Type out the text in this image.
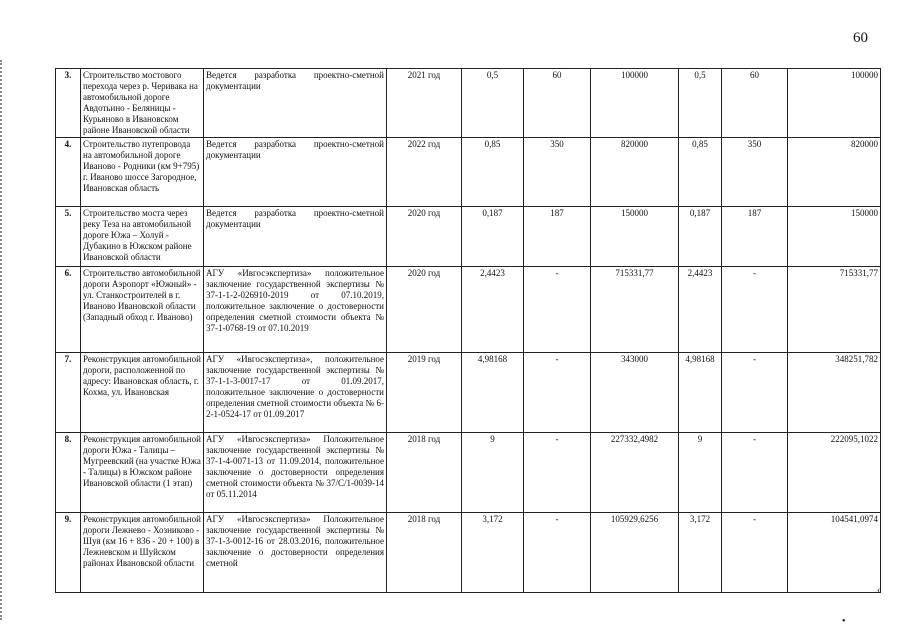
60
3.	Строительство мостового перехода через р. Черивака на автомобильной дороге Авдотьино - Беляницы - Курьяново в Ивановском районе Ивановской области	Ведется разработка проектно-сметной документации	2021 год	0,5	60	100000	0,5	60	100000
4.	Строительство путепровода на автомобильной дороге Иваново - Родники (км 9+795) г. Иваново шоссе Загородное, Ивановская область	Ведется разработка проектно-сметной документации	2022 год	0,85	350	820000	0,85	350	820000
5.	Строительство моста через реку Теза на автомобильной дороге Южа – Холуй - Дубакино в Южском районе Ивановской области	Ведется разработка проектно-сметной документации	2020 год	0,187	187	150000	0,187	187	150000
6.	Строительство автомобильной дороги Аэропорт «Южный» - ул. Станкостроителей в г. Иваново Ивановской области (Западный обход г. Иваново)	АГУ «Ивгосэкспертиза» положительное заключение государственной экспертизы № 37-1-1-2-026910-2019 от 07.10.2019, положительное заключение о достоверности определения сметной стоимости объекта № 37-1-0768-19 от 07.10.2019	2020 год	2,4423	-	715331,77	2,4423	-	715331,77
7.	Реконструкция автомобильной дороги, расположенной по адресу: Ивановская область, г. Кохма, ул. Ивановская	АГУ «Ивгосэкспертиза», положительное заключение государственной экспертизы № 37-1-1-3-0017-17 от 01.09.2017, положительное заключение о достоверности определения сметной стоимости объекта № 6-2-1-0524-17 от 01.09.2017	2019 год	4,98168	-	343000	4,98168	-	348251,782
8.	Реконструкция автомобильной дороги Южа - Талицы – Мугреевский (на участке Южа - Талицы) в Южском районе Ивановской области (1 этап)	АГУ «Ивгосэкспертиза» Положительное заключение государственной экспертизы № 37-1-4-0071-13 от 11.09.2014, положительное заключение о достоверности определения сметной стоимости объекта № 37/С/1-0039-14 от 05.11.2014	2018 год	9	-	227332,4982	9	-	222095,1022
9.	Реконструкция автомобильной дороги Лежнево - Хозниково - Шуя (км 16 + 836 - 20 + 100) в Лежневском и Шуйском районах Ивановской области	АГУ «Ивгосэкспертиза» Положительное заключение государственной экспертизы № 37-1-3-0012-16 от 28.03.2016, положительное заключение о достоверности определения сметной	2018 год	3,172	-	105929,6256	3,172	-	104541,0974
‹
•
